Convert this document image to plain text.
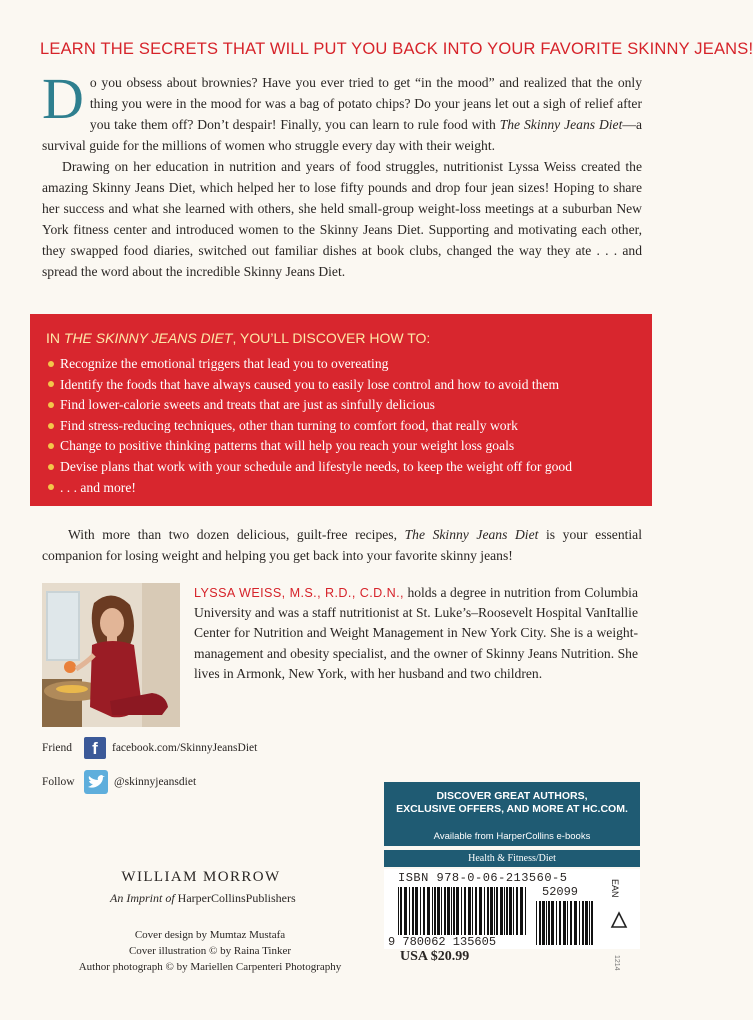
LEARN THE SECRETS THAT WILL PUT YOU BACK INTO YOUR FAVORITE SKINNY JEANS!

Do you obsess about brownies? Have you ever tried to get “in the mood” and realized that the only thing you were in the mood for was a bag of potato chips? Do your jeans let out a sigh of relief after you take them off? Don’t despair! Finally, you can learn to rule food with The Skinny Jeans Diet—a survival guide for the millions of women who struggle every day with their weight.

Drawing on her education in nutrition and years of food struggles, nutritionist Lyssa Weiss created the amazing Skinny Jeans Diet, which helped her to lose fifty pounds and drop four jean sizes! Hoping to share her success and what she learned with others, she held small-group weight-loss meetings at a suburban New York fitness center and introduced women to the Skinny Jeans Diet. Supporting and motivating each other, they swapped food diaries, switched out familiar dishes at book clubs, changed the way they ate . . . and spread the word about the incredible Skinny Jeans Diet.

IN THE SKINNY JEANS DIET, YOU’LL DISCOVER HOW TO:
Recognize the emotional triggers that lead you to overeating
Identify the foods that have always caused you to easily lose control and how to avoid them
Find lower-calorie sweets and treats that are just as sinfully delicious
Find stress-reducing techniques, other than turning to comfort food, that really work
Change to positive thinking patterns that will help you reach your weight loss goals
Devise plans that work with your schedule and lifestyle needs, to keep the weight off for good
. . . and more!
With more than two dozen delicious, guilt-free recipes, The Skinny Jeans Diet is your essential companion for losing weight and helping you get back into your favorite skinny jeans!
LYSSA WEISS, M.S., R.D., C.D.N., holds a degree in nutrition from Columbia University and was a staff nutritionist at St. Luke’s–Roosevelt Hospital VanItallie Center for Nutrition and Weight Management in New York City. She is a weight-management and obesity specialist, and the owner of Skinny Jeans Nutrition. She lives in Armonk, New York, with her husband and two children.
Friend	f	facebook.com/SkinnyJeansDiet
Follow	@skinnyjeansdiet
WILLIAM MORROW
An Imprint of HarperCollinsPublishers
Cover design by Mumtaz Mustafa
Cover illustration © by Raina Tinker
Author photograph © by Mariellen Carpenteri Photography
DISCOVER GREAT AUTHORS,
EXCLUSIVE OFFERS, AND MORE AT HC.COM.
Available from HarperCollins e-books
Health & Fitness/Diet
ISBN 978-0-06-213560-5
9 780062 135605
52099	EAN
USA $20.99	1214
